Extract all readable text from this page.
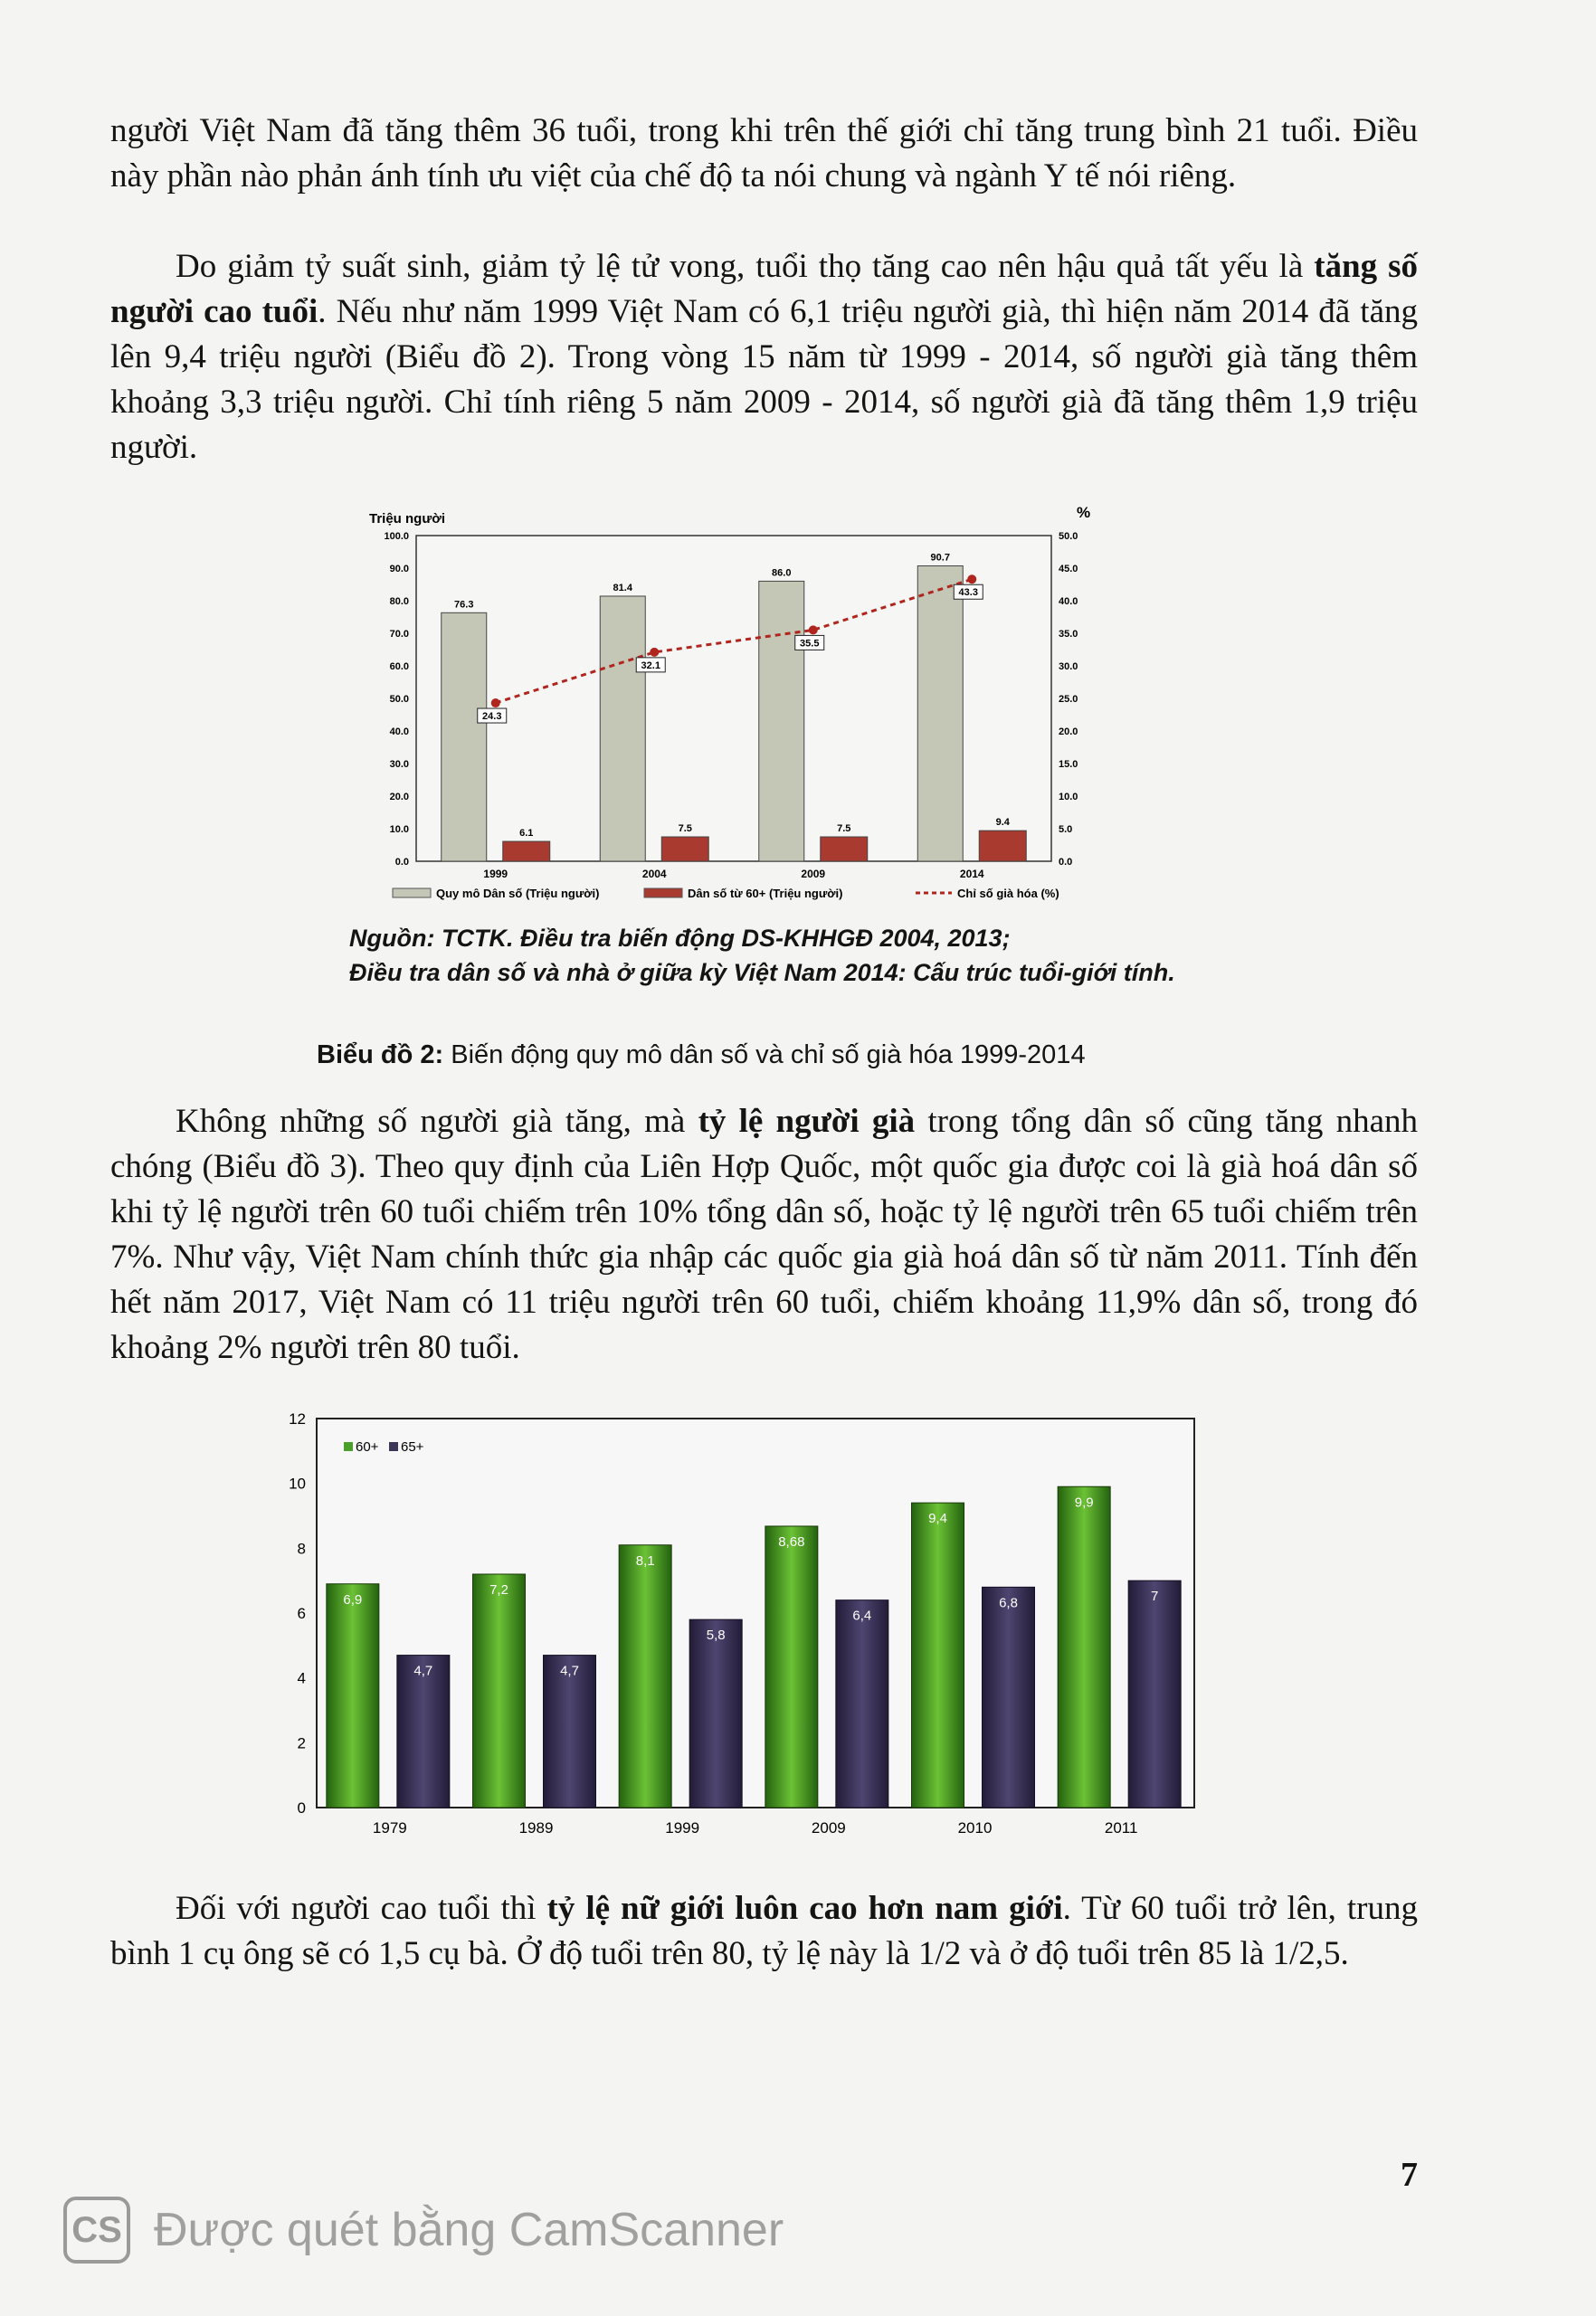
người Việt Nam đã tăng thêm 36 tuổi, trong khi trên thế giới chỉ tăng trung bình 21 tuổi. Điều này phần nào phản ánh tính ưu việt của chế độ ta nói chung và ngành Y tế nói riêng.

Do giảm tỷ suất sinh, giảm tỷ lệ tử vong, tuổi thọ tăng cao nên hậu quả tất yếu là tăng số người cao tuổi. Nếu như năm 1999 Việt Nam có 6,1 triệu người già, thì hiện năm 2014 đã tăng lên 9,4 triệu người (Biểu đồ 2). Trong vòng 15 năm từ 1999 - 2014, số người già tăng thêm khoảng 3,3 triệu người. Chỉ tính riêng 5 năm 2009 - 2014, số người già đã tăng thêm 1,9 triệu người.

Triệu người	%
0.0
10.0
20.0
30.0
40.0
50.0
60.0
70.0
80.0
90.0
100.0
0.0
5.0
10.0
15.0
20.0
25.0
30.0
35.0
40.0
45.0
50.0
76.3
6.1
81.4
7.5
86.0
7.5
90.7
9.4
1999	2004	2009	2014
24.3
32.1
35.5
43.3
Quy mô Dân số (Triệu người)	Dân số từ 60+ (Triệu người)	Chỉ số già hóa (%)
Nguồn: TCTK. Điều tra biến động DS-KHHGĐ 2004, 2013;
Điều tra dân số và nhà ở giữa kỳ Việt Nam 2014: Cấu trúc tuổi-giới tính.
Biểu đồ 2: Biến động quy mô dân số và chỉ số già hóa 1999-2014

Không những số người già tăng, mà tỷ lệ người già trong tổng dân số cũng tăng nhanh chóng (Biểu đồ 3). Theo quy định của Liên Hợp Quốc, một quốc gia được coi là già hoá dân số khi tỷ lệ người trên 60 tuổi chiếm trên 10% tổng dân số, hoặc tỷ lệ người trên 65 tuổi chiếm trên 7%. Như vậy, Việt Nam chính thức gia nhập các quốc gia già hoá dân số từ năm 2011. Tính đến hết năm 2017, Việt Nam có 11 triệu người trên 60 tuổi, chiếm khoảng 11,9% dân số, trong đó khoảng 2% người trên 80 tuổi.

0
2
4
6
8
10
12
6,9
4,7
7,2
4,7
8,1
5,8
8,68
6,4
9,4
6,8
9,9
7
1979	1989	1999	2009	2010	2011
60+ 65+

Đối với người cao tuổi thì tỷ lệ nữ giới luôn cao hơn nam giới. Từ 60 tuổi trở lên, trung bình 1 cụ ông sẽ có 1,5 cụ bà. Ở độ tuổi trên 80, tỷ lệ này là 1/2 và ở độ tuổi trên 85 là 1/2,5.

7
CS Được quét bằng CamScanner
